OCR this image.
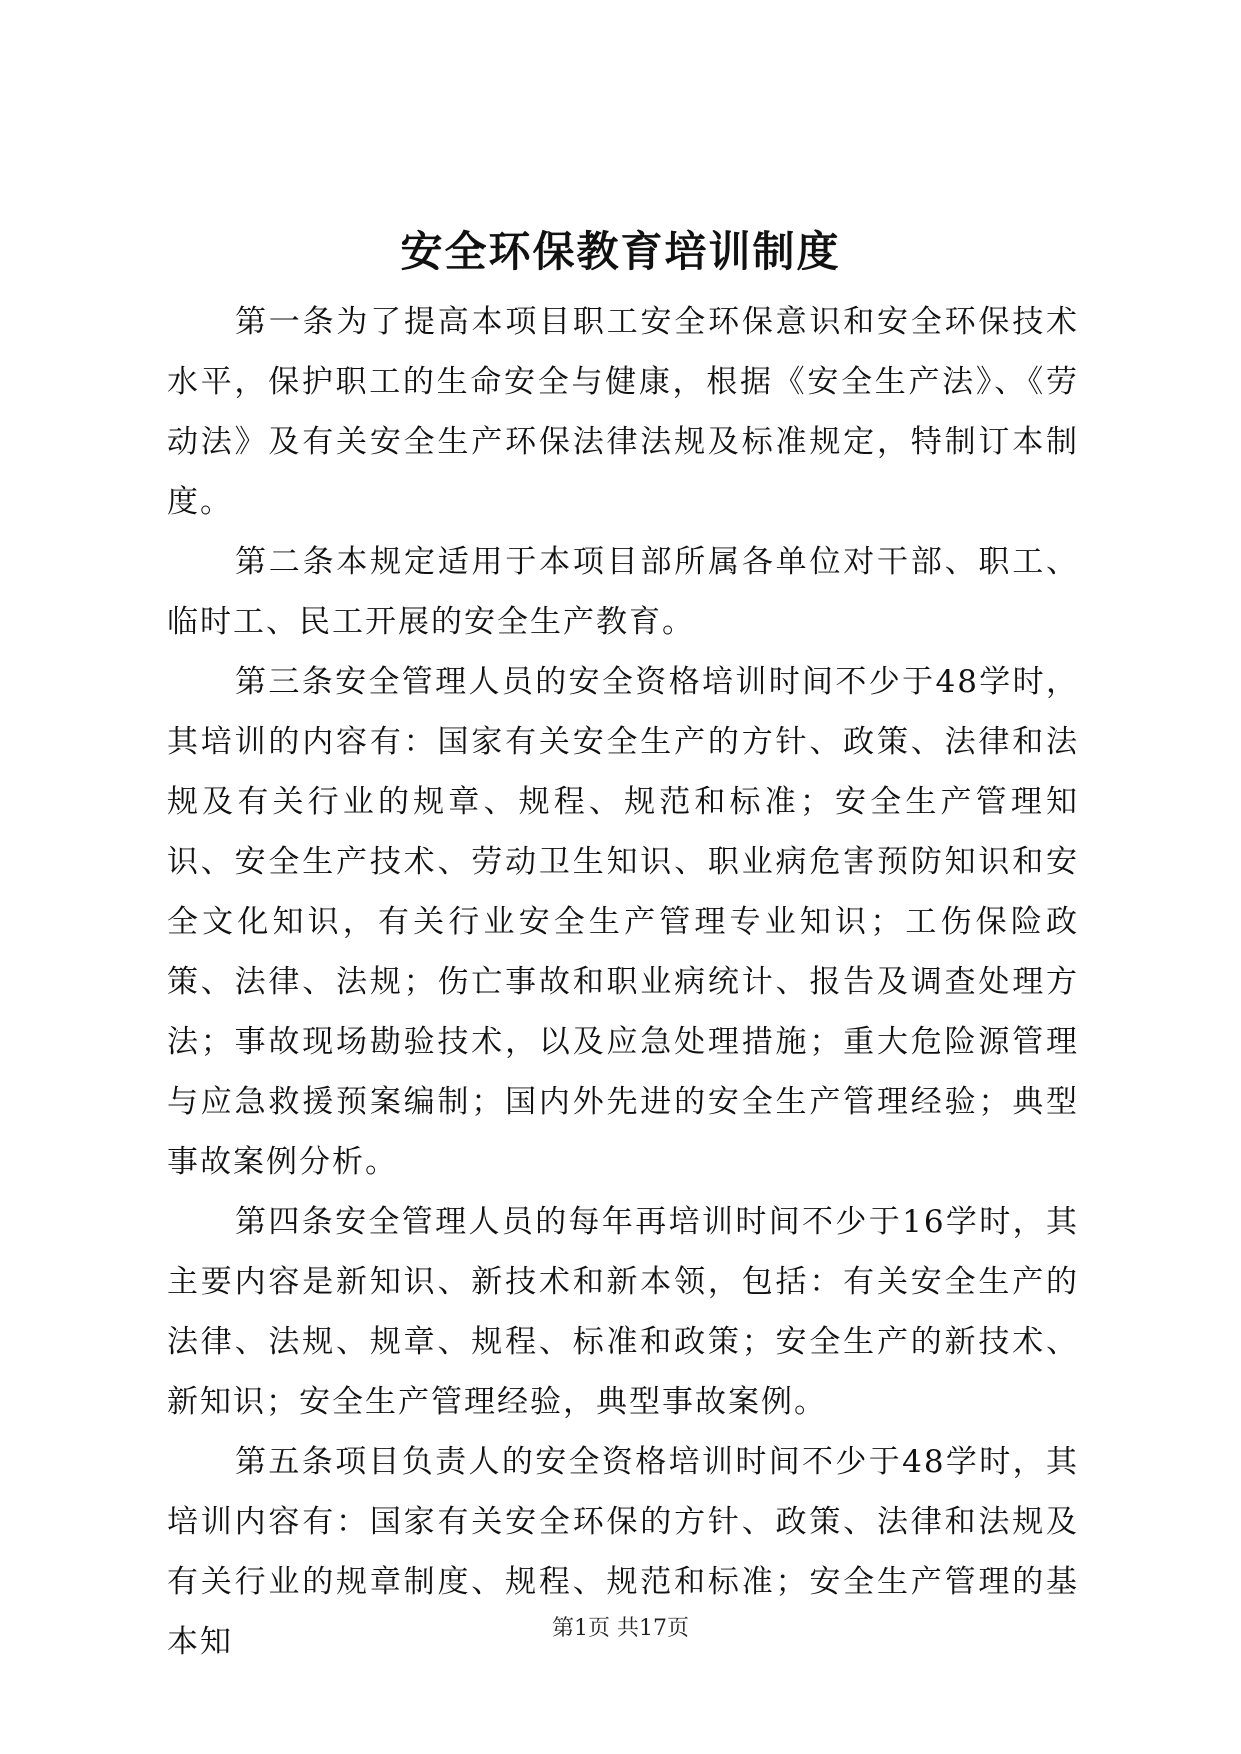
安全环保教育培训制度

第一条为了提高本项目职工安全环保意识和安全环保技术水平，保护职工的生命安全与健康，根据《安全生产法》、《劳动法》及有关安全生产环保法律法规及标准规定，特制订本制度。

第二条本规定适用于本项目部所属各单位对干部、职工、临时工、民工开展的安全生产教育。

第三条安全管理人员的安全资格培训时间不少于48学时，其培训的内容有：国家有关安全生产的方针、政策、法律和法规及有关行业的规章、规程、规范和标准；安全生产管理知识、安全生产技术、劳动卫生知识、职业病危害预防知识和安全文化知识，有关行业安全生产管理专业知识；工伤保险政策、法律、法规；伤亡事故和职业病统计、报告及调查处理方法；事故现场勘验技术，以及应急处理措施；重大危险源管理与应急救援预案编制；国内外先进的安全生产管理经验；典型事故案例分析。

第四条安全管理人员的每年再培训时间不少于16学时，其主要内容是新知识、新技术和新本领，包括：有关安全生产的法律、法规、规章、规程、标准和政策；安全生产的新技术、新知识；安全生产管理经验，典型事故案例。

第五条项目负责人的安全资格培训时间不少于48学时，其培训内容有：国家有关安全环保的方针、政策、法律和法规及有关行业的规章制度、规程、规范和标准；安全生产管理的基本知	第1页 共17页
